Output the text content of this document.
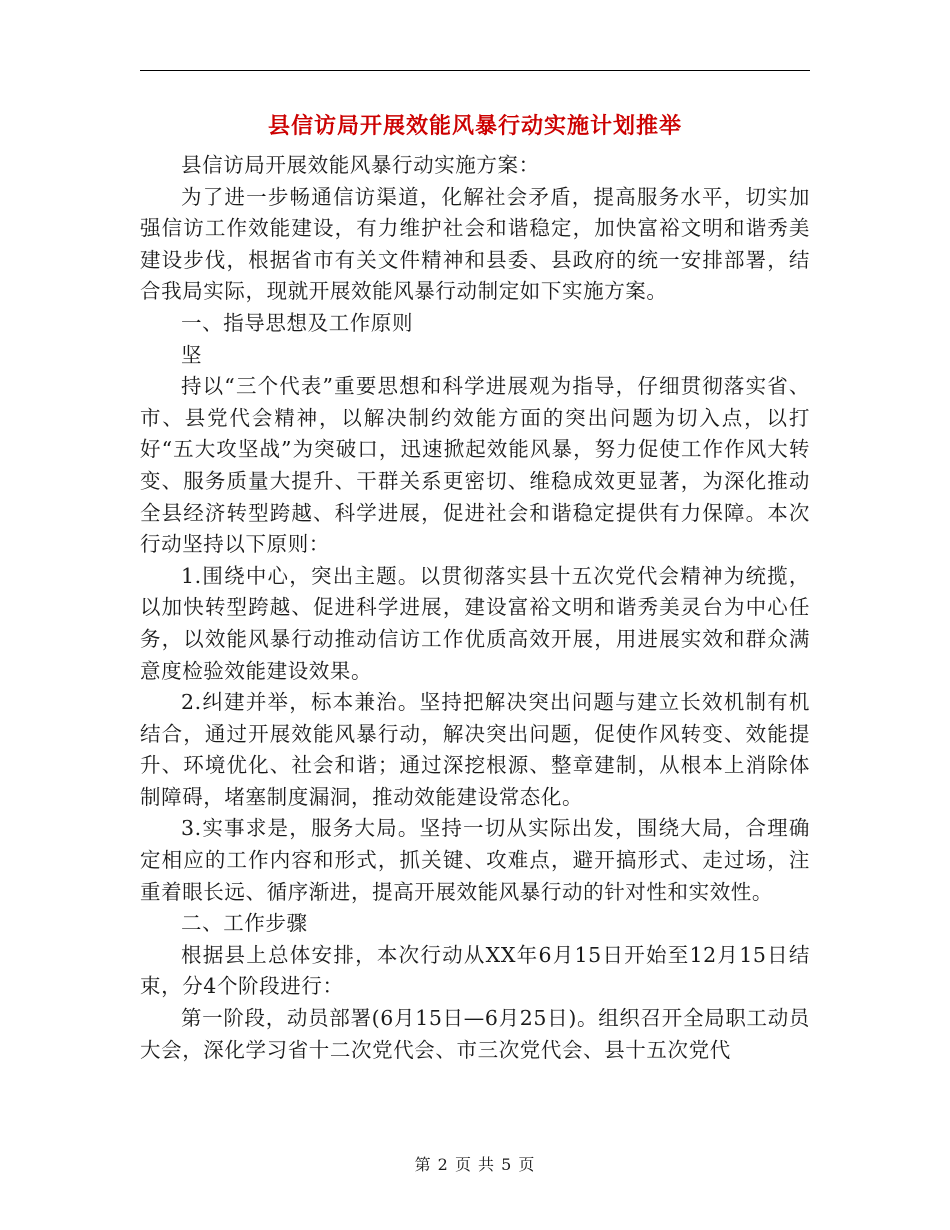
县信访局开展效能风暴行动实施计划推举

县信访局开展效能风暴行动实施方案：

为了进一步畅通信访渠道，化解社会矛盾，提高服务水平，切实加强信访工作效能建设，有力维护社会和谐稳定，加快富裕文明和谐秀美建设步伐，根据省市有关文件精神和县委、县政府的统一安排部署，结合我局实际，现就开展效能风暴行动制定如下实施方案。

一、指导思想及工作原则

坚

持以“三个代表”重要思想和科学进展观为指导，仔细贯彻落实省、市、县党代会精神，以解决制约效能方面的突出问题为切入点，以打好“五大攻坚战”为突破口，迅速掀起效能风暴，努力促使工作作风大转变、服务质量大提升、干群关系更密切、维稳成效更显著，为深化推动全县经济转型跨越、科学进展，促进社会和谐稳定提供有力保障。本次行动坚持以下原则：

1.围绕中心，突出主题。以贯彻落实县十五次党代会精神为统揽，以加快转型跨越、促进科学进展，建设富裕文明和谐秀美灵台为中心任务，以效能风暴行动推动信访工作优质高效开展，用进展实效和群众满意度检验效能建设效果。

2.纠建并举，标本兼治。坚持把解决突出问题与建立长效机制有机结合，通过开展效能风暴行动，解决突出问题，促使作风转变、效能提升、环境优化、社会和谐；通过深挖根源、整章建制，从根本上消除体制障碍，堵塞制度漏洞，推动效能建设常态化。

3.实事求是，服务大局。坚持一切从实际出发，围绕大局，合理确定相应的工作内容和形式，抓关键、攻难点，避开搞形式、走过场，注重着眼长远、循序渐进，提高开展效能风暴行动的针对性和实效性。

二、工作步骤

根据县上总体安排，本次行动从XX年6月15日开始至12月15日结束，分4个阶段进行：

第一阶段，动员部署(6月15日—6月25日)。组织召开全局职工动员大会，深化学习省十二次党代会、市三次党代会、县十五次党代

第 2 页 共 5 页
